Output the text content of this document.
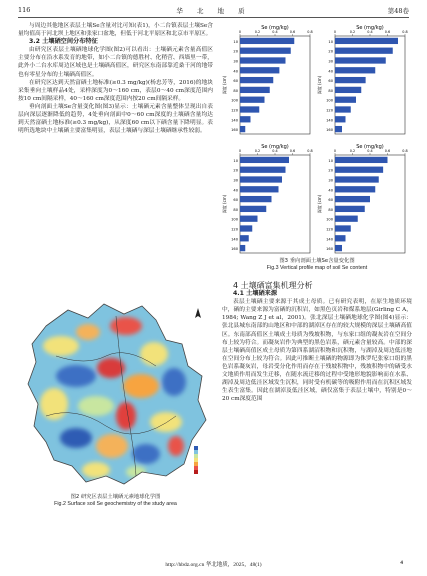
116	华 北 地 质	第48卷

与周边其他地区表层土壤Se含量对比可知(表1)，小二台镇表层土壤Se含量均值高于河北坝上地区和张家口盆地，但低于河北平原区和北京市平原区。

3.2 土壤硒空间分布特征

由研究区表层土壤硒地球化学图(图2)可以看出：土壤硒元素含量高值区主要分布在沿水系发育的地带，如小二台镇的德胜村、化稍营、西墙里一带，此外小二台水库周边区域也是土壤硒高值区，研究区东南部靠近桑干河的地带也有零星分布的土壤硒高值区。

在研究区达到天然富硒土地标准(≥0.3 mg/kg)(杨忠芳等，2016)的地块采集垂向土壤样品4处，采样深度为0～160 cm，表层0～40 cm深度范围内按10 cm间隔采样，40～160 cm深度范围内按20 cm间隔采样。

垂向剖面土壤Se含量变化图(图3)显示：土壤硒元素含量整体呈现出自表层向深层逐渐降低的趋势，4处垂向剖面中0～60 cm深度的土壤硒含量均达到天然富硒土地标准(≥0.3 mg/kg)，从深度60 cm以下硒含量下降明显。表明所选地块中土壤硒主要富集明显，表层土壤硒与深层土壤硒继承性较弱。

图2 研究区表层土壤硒元素地球化学图
Fig.2 Surface soil Se geochemistry of the study area
Se (mg/kg)
0	0.2	0.4	0.6	0.8
10
20
30
40
60
80
100
120
140
160
深度 (cm)
Se (mg/kg)
0	0.2	0.4	0.6	0.8
10
20
30
40
60
80
100
120
140
160
深度 (cm)
Se (mg/kg)
0	0.2	0.4	0.6	0.8
10
20
30
40
60
80
100
120
140
160
深度 (cm)
Se (mg/kg)
0	0.2	0.4	0.6	0.8
10
20
30
40
60
80
100
120
140
160
深度 (cm)
图3 垂向剖面土壤Se含量变化图
Fig.3 Vertical profile map of soil Se content

4 土壤硒富集机理分析

4.1 土壤硒来源

表层土壤硒主要来源于其成土母质。已有研究表明，在原生地质环境中，硒的主要来源为富硒的沉积岩，如黑色页岩和煤系地层(Girling C A，1984; Wang Z J et al，2001)。张北深层土壤硒地球化学图(图4)显示：张北县城东南部的山地区和中部的湖淖区存在的较大规模的深层土壤硒高值区。东南部高值区土壤成土母质为残坡积物，与东家口组的凝灰岩在空间分布上较为符合。而凝灰岩作为典型的黑色岩系，硒元素含量较高。中部的深层土壤硒高值区成土母质为第四系湖沼积物和沉积物，与湖淖及周边低洼地在空间分布上较为符合。因此可推断土壤硒的物源即为侏罗纪张家口组的黑色岩系凝灰岩，母岩受分化作用而存在于残坡积物中，残坡积物中的硒受水文地质作用而发生迁移，在随水流迁移的过程中受地形地貌影响而在水系、湖淖及周边低洼区域发生沉积，同时受有机碳等的吸附作用而在沉积区域发生表生富集。因此在湖淖及低洼区域，硒仅富集于表层土壤中，特别是0～20 cm深度范围

http://hbdz.org.cn 华北地质，2025，48(1)	4
